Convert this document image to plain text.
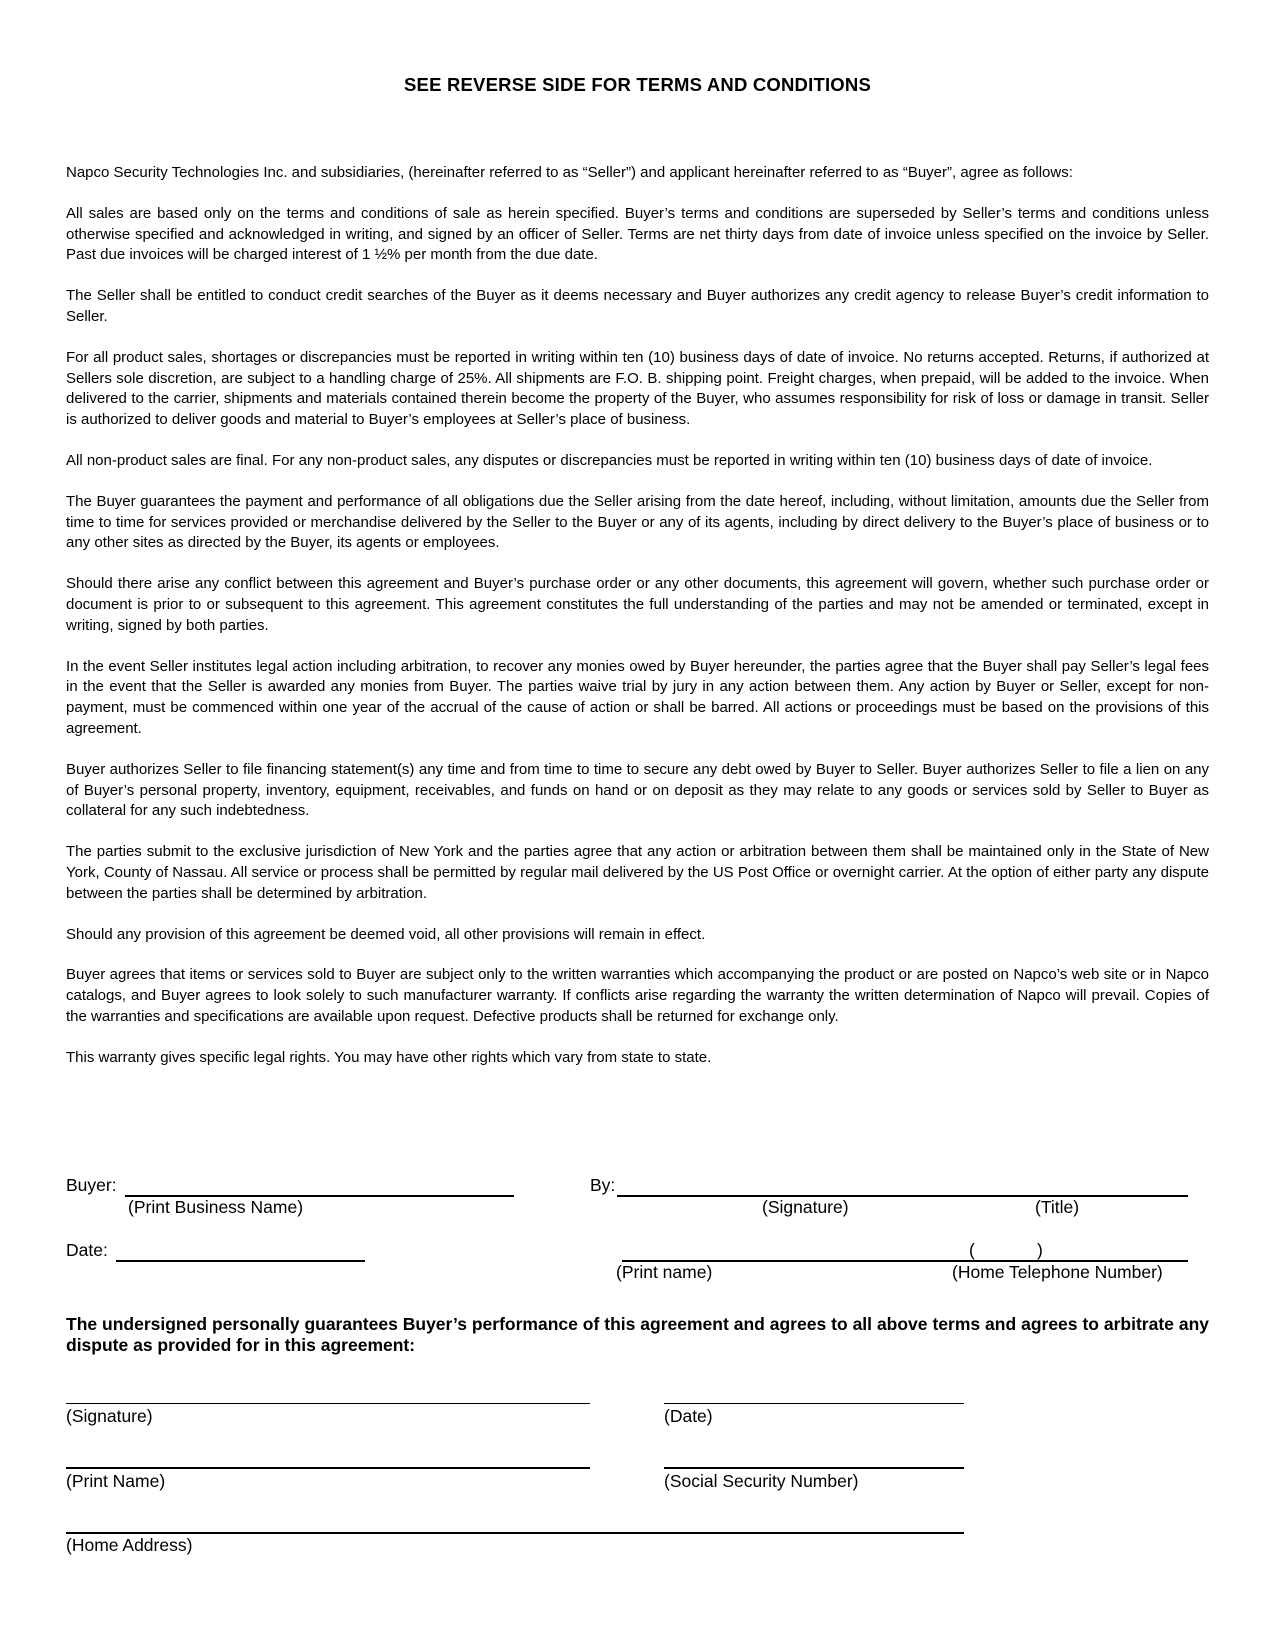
SEE REVERSE SIDE FOR TERMS AND CONDITIONS

Napco Security Technologies Inc. and subsidiaries, (hereinafter referred to as “Seller”) and applicant hereinafter referred to as “Buyer”, agree as follows:

All sales are based only on the terms and conditions of sale as herein specified. Buyer’s terms and conditions are superseded by Seller’s terms and conditions unless otherwise specified and acknowledged in writing, and signed by an officer of Seller. Terms are net thirty days from date of invoice unless specified on the invoice by Seller. Past due invoices will be charged interest of 1 ½% per month from the due date.

The Seller shall be entitled to conduct credit searches of the Buyer as it deems necessary and Buyer authorizes any credit agency to release Buyer’s credit information to Seller.

For all product sales, shortages or discrepancies must be reported in writing within ten (10) business days of date of invoice. No returns accepted. Returns, if authorized at Sellers sole discretion, are subject to a handling charge of 25%. All shipments are F.O. B. shipping point. Freight charges, when prepaid, will be added to the invoice. When delivered to the carrier, shipments and materials contained therein become the property of the Buyer, who assumes responsibility for risk of loss or damage in transit. Seller is authorized to deliver goods and material to Buyer’s employees at Seller’s place of business.

All non-product sales are final. For any non-product sales, any disputes or discrepancies must be reported in writing within ten (10) business days of date of invoice.

The Buyer guarantees the payment and performance of all obligations due the Seller arising from the date hereof, including, without limitation, amounts due the Seller from time to time for services provided or merchandise delivered by the Seller to the Buyer or any of its agents, including by direct delivery to the Buyer’s place of business or to any other sites as directed by the Buyer, its agents or employees.

Should there arise any conflict between this agreement and Buyer’s purchase order or any other documents, this agreement will govern, whether such purchase order or document is prior to or subsequent to this agreement. This agreement constitutes the full understanding of the parties and may not be amended or terminated, except in writing, signed by both parties.

In the event Seller institutes legal action including arbitration, to recover any monies owed by Buyer hereunder, the parties agree that the Buyer shall pay Seller’s legal fees in the event that the Seller is awarded any monies from Buyer. The parties waive trial by jury in any action between them. Any action by Buyer or Seller, except for non-payment, must be commenced within one year of the accrual of the cause of action or shall be barred. All actions or proceedings must be based on the provisions of this agreement.

Buyer authorizes Seller to file financing statement(s) any time and from time to time to secure any debt owed by Buyer to Seller. Buyer authorizes Seller to file a lien on any of Buyer’s personal property, inventory, equipment, receivables, and funds on hand or on deposit as they may relate to any goods or services sold by Seller to Buyer as collateral for any such indebtedness.

The parties submit to the exclusive jurisdiction of New York and the parties agree that any action or arbitration between them shall be maintained only in the State of New York, County of Nassau. All service or process shall be permitted by regular mail delivered by the US Post Office or overnight carrier. At the option of either party any dispute between the parties shall be determined by arbitration.

Should any provision of this agreement be deemed void, all other provisions will remain in effect.

Buyer agrees that items or services sold to Buyer are subject only to the written warranties which accompanying the product or are posted on Napco’s web site or in Napco catalogs, and Buyer agrees to look solely to such manufacturer warranty. If conflicts arise regarding the warranty the written determination of Napco will prevail. Copies of the warranties and specifications are available upon request. Defective products shall be returned for exchange only.

This warranty gives specific legal rights. You may have other rights which vary from state to state.

Buyer:
(Print Business Name)
By:
(Signature)	(Title)
Date:	(	)
(Print name)	(Home Telephone Number)
The undersigned personally guarantees Buyer’s performance of this agreement and agrees to all above terms and agrees to arbitrate any dispute as provided for in this agreement:
(Signature)	(Date)
(Print Name)	(Social Security Number)
(Home Address)
